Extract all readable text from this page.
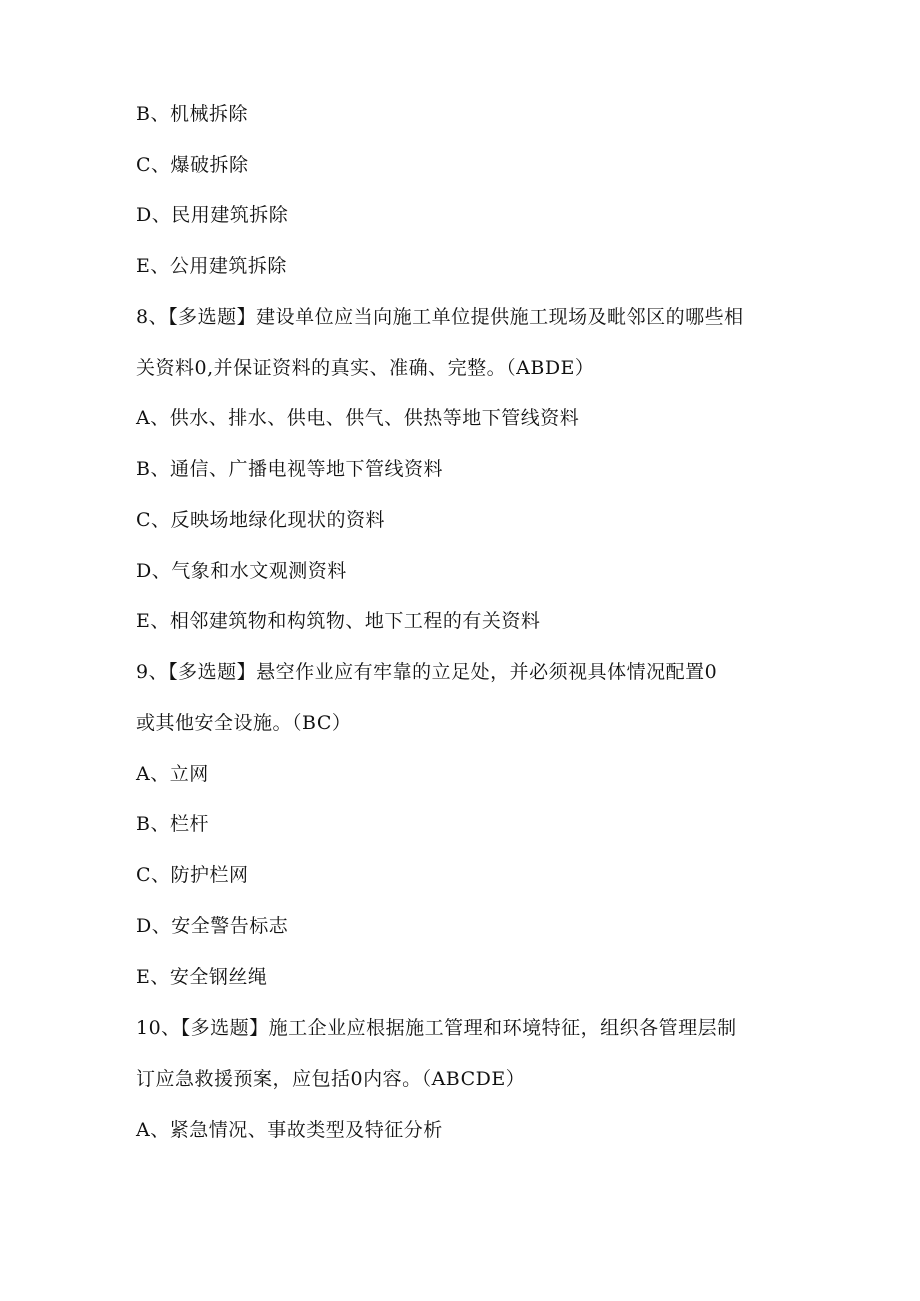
B、机械拆除
C、爆破拆除
D、民用建筑拆除
E、公用建筑拆除
8、【多选题】建设单位应当向施工单位提供施工现场及毗邻区的哪些相
关资料0,并保证资料的真实、准确、完整。（ABDE）
A、供水、排水、供电、供气、供热等地下管线资料
B、通信、广播电视等地下管线资料
C、反映场地绿化现状的资料
D、气象和水文观测资料
E、相邻建筑物和构筑物、地下工程的有关资料
9、【多选题】悬空作业应有牢靠的立足处，并必须视具体情况配置0
或其他安全设施。（BC）
A、立网
B、栏杆
C、防护栏网
D、安全警告标志
E、安全钢丝绳
10、【多选题】施工企业应根据施工管理和环境特征，组织各管理层制
订应急救援预案，应包括0内容。（ABCDE）
A、紧急情况、事故类型及特征分析
